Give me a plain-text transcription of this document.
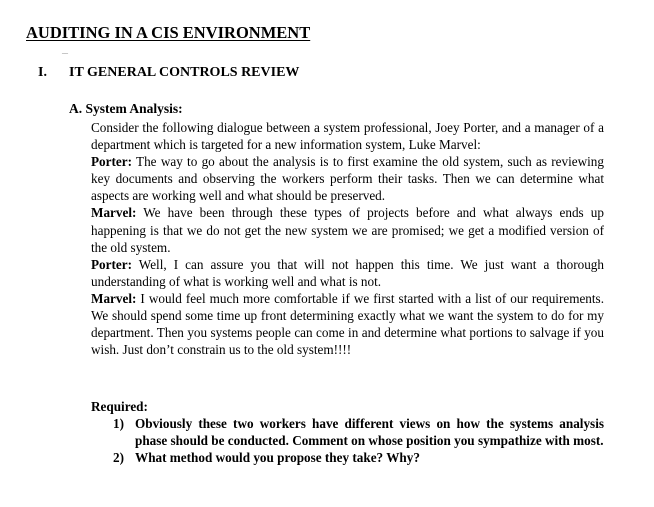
AUDITING IN A CIS ENVIRONMENT
__
I. IT GENERAL CONTROLS REVIEW
A. System Analysis:

Consider the following dialogue between a system professional, Joey Porter, and a manager of a department which is targeted for a new information system, Luke Marvel:

Porter: The way to go about the analysis is to first examine the old system, such as reviewing key documents and observing the workers perform their tasks. Then we can determine what aspects are working well and what should be preserved.

Marvel: We have been through these types of projects before and what always ends up happening is that we do not get the new system we are promised; we get a modified version of the old system.

Porter: Well, I can assure you that will not happen this time. We just want a thorough understanding of what is working well and what is not.

Marvel: I would feel much more comfortable if we first started with a list of our requirements. We should spend some time up front determining exactly what we want the system to do for my department. Then you systems people can come in and determine what portions to salvage if you wish. Just don’t constrain us to the old system!!!!

Required:
1) Obviously these two workers have different views on how the systems analysis phase should be conducted. Comment on whose position you sympathize with most.
2) What method would you propose they take? Why?
